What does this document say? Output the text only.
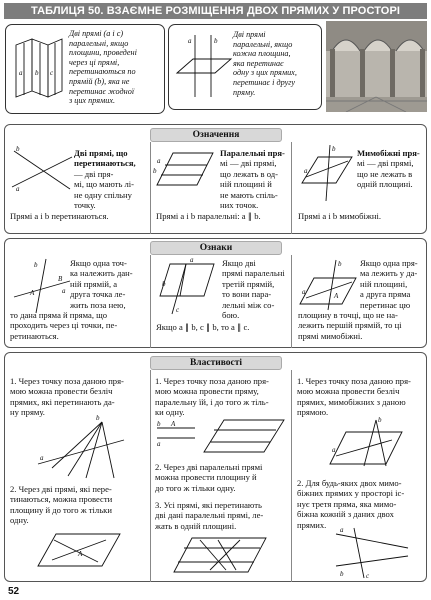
ТАБЛИЦЯ 50. ВЗАЄМНЕ РОЗМІЩЕННЯ ДВОХ ПРЯМИХ У ПРОСТОРІ
a b c
Дві прямі (a і c)
паралельні, якщо
площини, проведені
через ці прямі,
перетинаються по
прямій (b), яка не
перетинає жодної
з цих прямих.
a	b
Дві прямі
паралельні, якщо
кожна площина,
яка перетинає
одну з цих прямих,
перетинає і другу
пряму.
Означення
b
a
Дві прямі, що
перетинаються,
— дві пря-
мі, що мають лі-
не одну спільну
точку.
Прямі a і b перетинаються.
a
b
Паралельні пря-
мі — дві прямі,
що лежать в од-
ній площині й
не мають спіль-
них точок.
Прямі a і b паралельні: a ∥ b.
b
a
Мимобіжні пря-
мі — дві прямі,
що не лежать в
одній площині.
Прямі a і b мимобіжні.
Ознаки
b
B
A	a
Якщо одна точ-
ка належить дан-
ній прямій, а
друга точка ле-
жить поза нею,
то дана пряма й пряма, що
проходить через ці точки, пе-
ретинаються.
a
b
c
Якщо дві
прямі паралельні
третій прямій,
то вони пара-
лельні між со-
бою.
Якщо a ∥ b, c ∥ b, то a ∥ c.
b
a	A
Якщо одна пря-
ма лежить у да-
ній площині,
а друга пряма
перетинає цю
площину в точці, що не на-
лежить першій прямій, то ці
прямі мимобіжні.
Властивості
1. Через точку поза даною пря-
мою можна провести безліч
прямих, які перетинають да-
ну пряму.
b
a
2. Через дві прямі, які пере-
тинаються, можна провести
площину й до того ж тільки
одну.
A
1. Через точку поза даною пря-
мою можна провести пряму,
паралельну їй, і до того ж тіль-
ки одну.
b A
a
2. Через дві паралельні прямі
можна провести площину й
до того ж тільки одну.
3. Усі прямі, які перетинають
дві дані паралельні прямі, ле-
жать в одній площині.
1. Через точку поза даною пря-
мою можна провести безліч
прямих, мимобіжних з даною
прямою.
b
a
2. Для будь-яких двох мимо-
біжних прямих у просторі іс-
нує третя пряма, яка мимо-
біжна кожній з даних двох
прямих.
a
b	c
52
